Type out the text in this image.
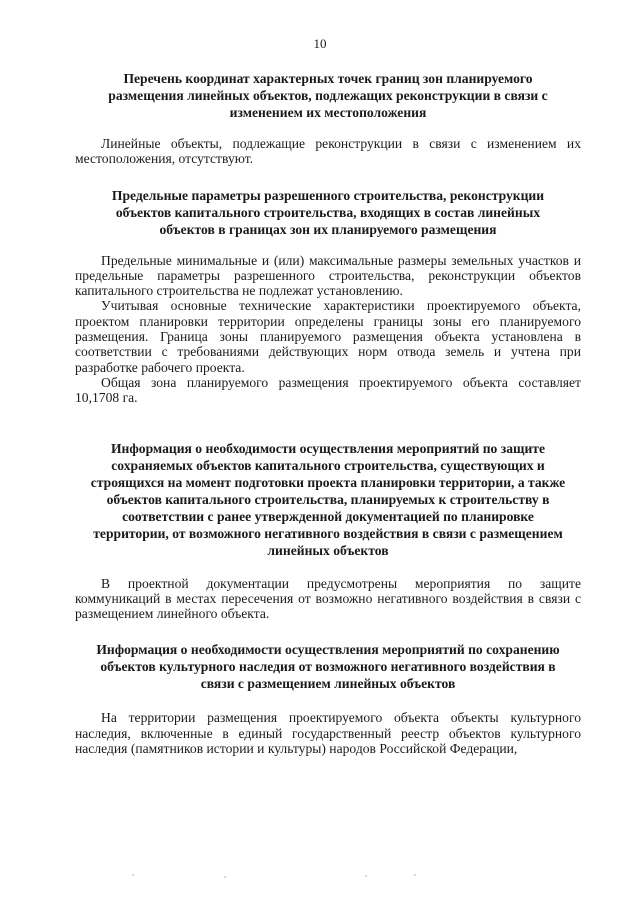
10
Перечень координат характерных точек границ зон планируемого размещения линейных объектов, подлежащих реконструкции в связи с изменением их местоположения

Линейные объекты, подлежащие реконструкции в связи с изменением их местоположения, отсутствуют.

Предельные параметры разрешенного строительства, реконструкции объектов капитального строительства, входящих в состав линейных объектов в границах зон их планируемого размещения

Предельные минимальные и (или) максимальные размеры земельных участков и предельные параметры разрешенного строительства, реконструкции объектов капитального строительства не подлежат установлению.

Учитывая основные технические характеристики проектируемого объекта, проектом планировки территории определены границы зоны его планируемого размещения. Граница зоны планируемого размещения объекта установлена в соответствии с требованиями действующих норм отвода земель и учтена при разработке рабочего проекта.

Общая зона планируемого размещения проектируемого объекта составляет 10,1708 га.

Информация о необходимости осуществления мероприятий по защите сохраняемых объектов капитального строительства, существующих и строящихся на момент подготовки проекта планировки территории, а также объектов капитального строительства, планируемых к строительству в соответствии с ранее утвержденной документацией по планировке территории, от возможного негативного воздействия в связи с размещением линейных объектов

В проектной документации предусмотрены мероприятия по защите коммуникаций в местах пересечения от возможно негативного воздействия в связи с размещением линейного объекта.

Информация о необходимости осуществления мероприятий по сохранению объектов культурного наследия от возможного негативного воздействия в связи с размещением линейных объектов

На территории размещения проектируемого объекта объекты культурного наследия, включенные в единый государственный реестр объектов культурного наследия (памятников истории и культуры) народов Российской Федерации,
